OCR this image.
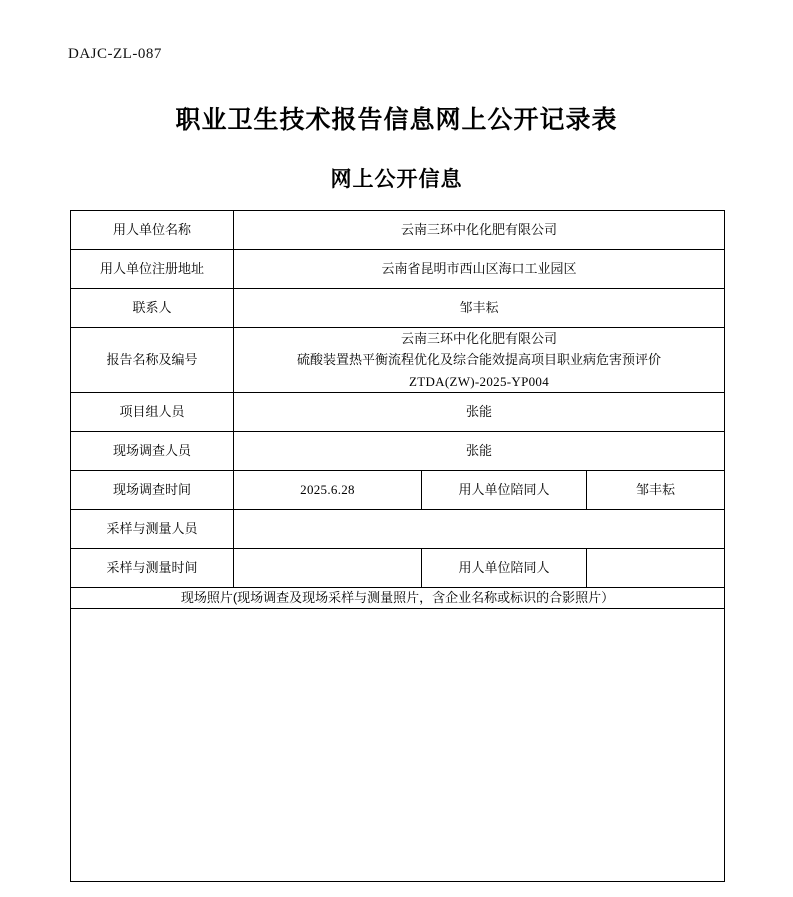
DAJC-ZL-087
职业卫生技术报告信息网上公开记录表
网上公开信息
用人单位名称	云南三环中化化肥有限公司		
用人单位注册地址	云南省昆明市西山区海口工业园区		
联系人	邹丰耘		
报告名称及编号	云南三环中化化肥有限公司
硫酸装置热平衡流程优化及综合能效提高项目职业病危害预评价
ZTDA(ZW)-2025-YP004		

项目组人员	张能		
现场调查人员	张能		
现场调查时间	2025.6.28	用人单位陪同人	邹丰耘
采样与测量人员			
采样与测量时间		用人单位陪同人	
现场照片(现场调查及现场采样与测量照片，含企业名称或标识的合影照片）			
